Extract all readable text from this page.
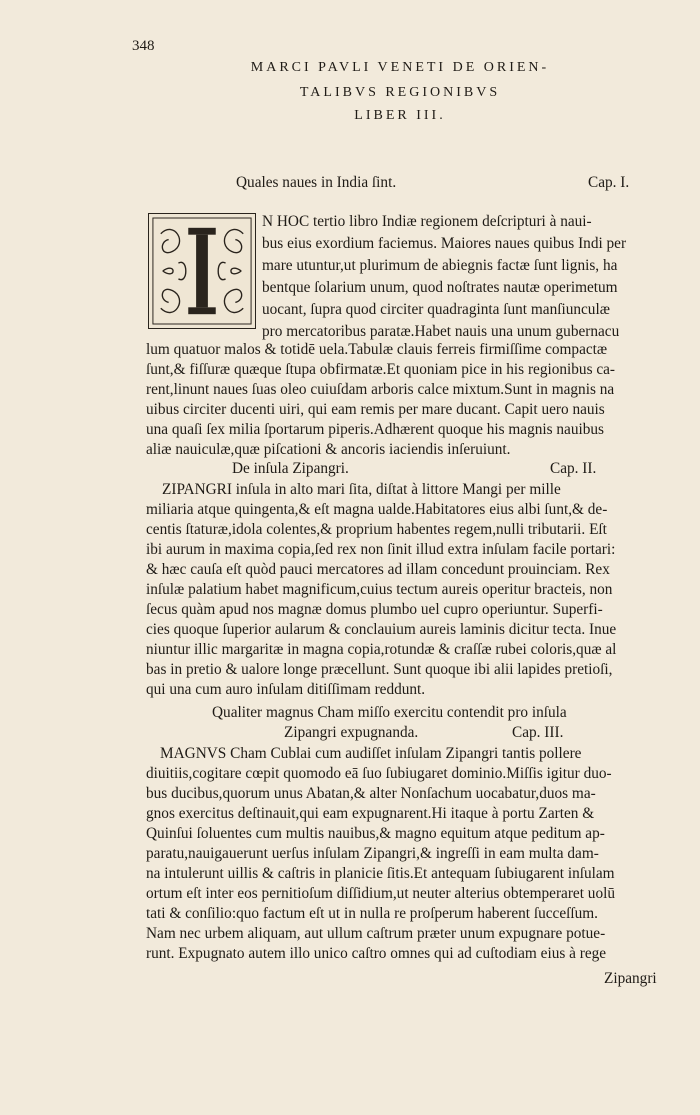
348
MARCI PAVLI VENETI DE ORIEN-
TALIBVS REGIONIBVS
LIBER III.
Quales naues in India ſint.	Cap. I.
I
N HOC tertio libro Indiæ regionem deſcripturi à naui-
bus eius exordium faciemus. Maiores naues quibus Indi per
mare utuntur,ut plurimum de abiegnis factæ ſunt lignis, ha
bentque ſolarium unum, quod noſtrates nautæ operimetum
uocant, ſupra quod circiter quadraginta ſunt manſiunculæ
pro mercatoribus paratæ.Habet nauis una unum gubernacu
lum quatuor malos & totidē uela.Tabulæ clauis ferreis firmiſſime compactæ
ſunt,& fiſſuræ quæque ſtupa obfirmatæ.Et quoniam pice in his regionibus ca-
rent,linunt naues ſuas oleo cuiuſdam arboris calce mixtum.Sunt in magnis na
uibus circiter ducenti uiri, qui eam remis per mare ducant. Capit uero nauis
una quaſi ſex milia ſportarum piperis.Adhærent quoque his magnis nauibus
aliæ nauiculæ,quæ piſcationi & ancoris iaciendis inſeruiunt.
De inſula Zipangri.	Cap. II.
ZIPANGRI inſula in alto mari ſita, diſtat à littore Mangi per mille
miliaria atque quingenta,& eſt magna ualde.Habitatores eius albi ſunt,& de-
centis ſtaturæ,idola colentes,& proprium habentes regem,nulli tributarii. Eſt
ibi aurum in maxima copia,ſed rex non ſinit illud extra inſulam facile portari:
& hæc cauſa eſt quòd pauci mercatores ad illam concedunt prouinciam. Rex
inſulæ palatium habet magnificum,cuius tectum aureis operitur bracteis, non
ſecus quàm apud nos magnæ domus plumbo uel cupro operiuntur. Superfi-
cies quoque ſuperior aularum & conclauium aureis laminis dicitur tecta. Inue
niuntur illic margaritæ in magna copia,rotundæ & craſſæ rubei coloris,quæ al
bas in pretio & ualore longe præcellunt. Sunt quoque ibi alii lapides pretioſi,
qui una cum auro inſulam ditiſſimam reddunt.
Qualiter magnus Cham miſſo exercitu contendit pro inſula
Zipangri expugnanda.	Cap. III.
MAGNVS Cham Cublai cum audiſſet inſulam Zipangri tantis pollere
diuitiis,cogitare cœpit quomodo eā ſuo ſubiugaret dominio.Miſſis igitur duo-
bus ducibus,quorum unus Abatan,& alter Nonſachum uocabatur,duos ma-
gnos exercitus deſtinauit,qui eam expugnarent.Hi itaque à portu Zarten &
Quinſui ſoluentes cum multis nauibus,& magno equitum atque peditum ap-
paratu,nauigauerunt uerſus inſulam Zipangri,& ingreſſi in eam multa dam-
na intulerunt uillis & caſtris in planicie ſitis.Et antequam ſubiugarent inſulam
ortum eſt inter eos pernitioſum diſſidium,ut neuter alterius obtemperaret uolū
tati & conſilio:quo factum eſt ut in nulla re proſperum haberent ſucceſſum.
Nam nec urbem aliquam, aut ullum caſtrum præter unum expugnare potue-
runt. Expugnato autem illo unico caſtro omnes qui ad cuſtodiam eius à rege
Zipangri
